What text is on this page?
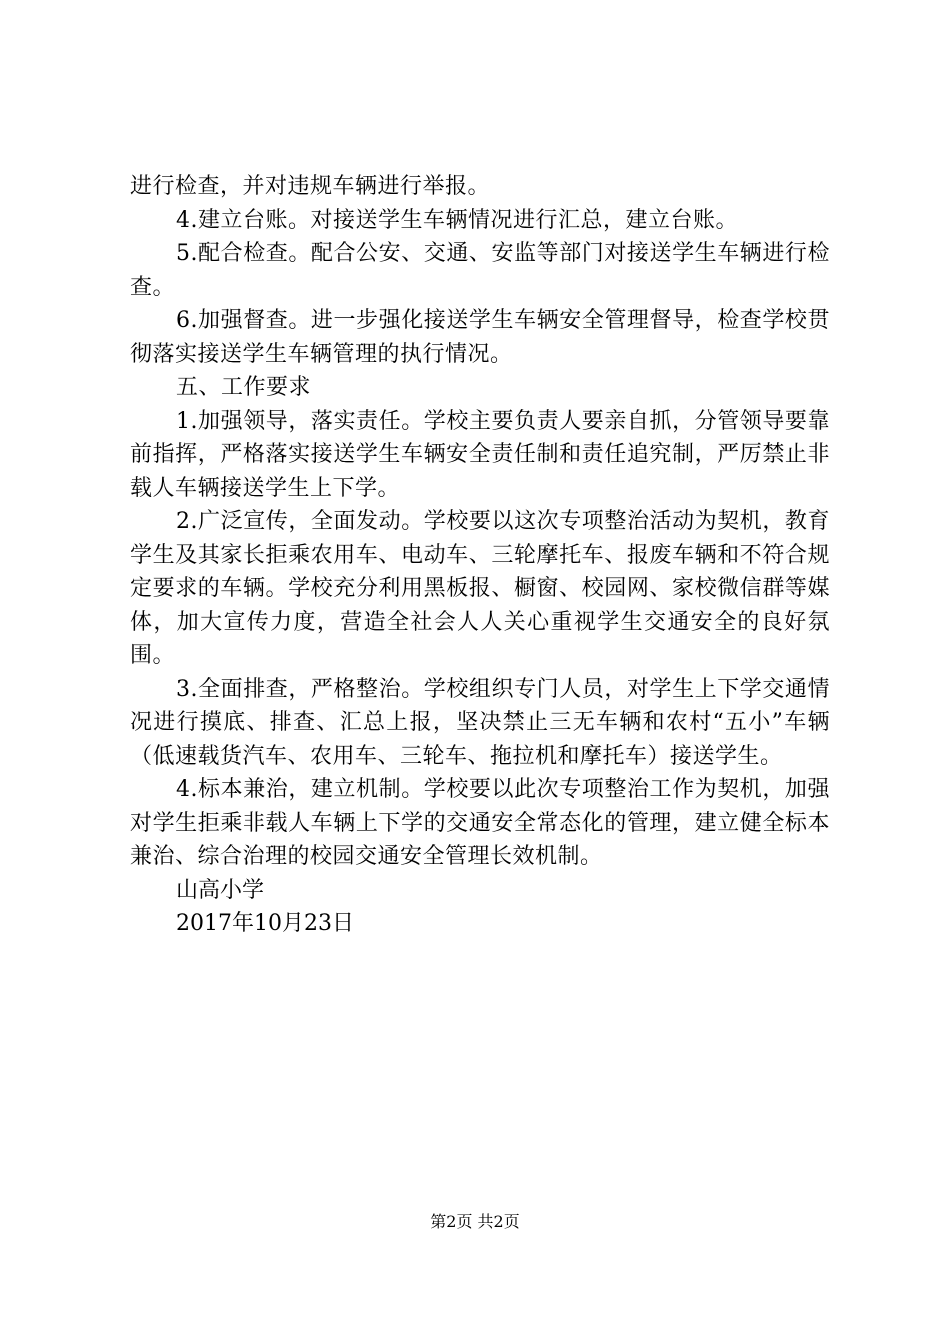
进行检查，并对违规车辆进行举报。

4.建立台账。对接送学生车辆情况进行汇总，建立台账。

5.配合检查。配合公安、交通、安监等部门对接送学生车辆进行检查。

6.加强督查。进一步强化接送学生车辆安全管理督导，检查学校贯彻落实接送学生车辆管理的执行情况。

五、工作要求

1.加强领导，落实责任。学校主要负责人要亲自抓，分管领导要靠前指挥，严格落实接送学生车辆安全责任制和责任追究制，严厉禁止非载人车辆接送学生上下学。

2.广泛宣传，全面发动。学校要以这次专项整治活动为契机，教育学生及其家长拒乘农用车、电动车、三轮摩托车、报废车辆和不符合规定要求的车辆。学校充分利用黑板报、橱窗、校园网、家校微信群等媒体，加大宣传力度，营造全社会人人关心重视学生交通安全的良好氛围。

3.全面排查，严格整治。学校组织专门人员，对学生上下学交通情况进行摸底、排查、汇总上报，坚决禁止三无车辆和农村“五小”车辆（低速载货汽车、农用车、三轮车、拖拉机和摩托车）接送学生。

4.标本兼治，建立机制。学校要以此次专项整治工作为契机，加强对学生拒乘非载人车辆上下学的交通安全常态化的管理，建立健全标本兼治、综合治理的校园交通安全管理长效机制。

山高小学

2017年10月23日

第2页 共2页
